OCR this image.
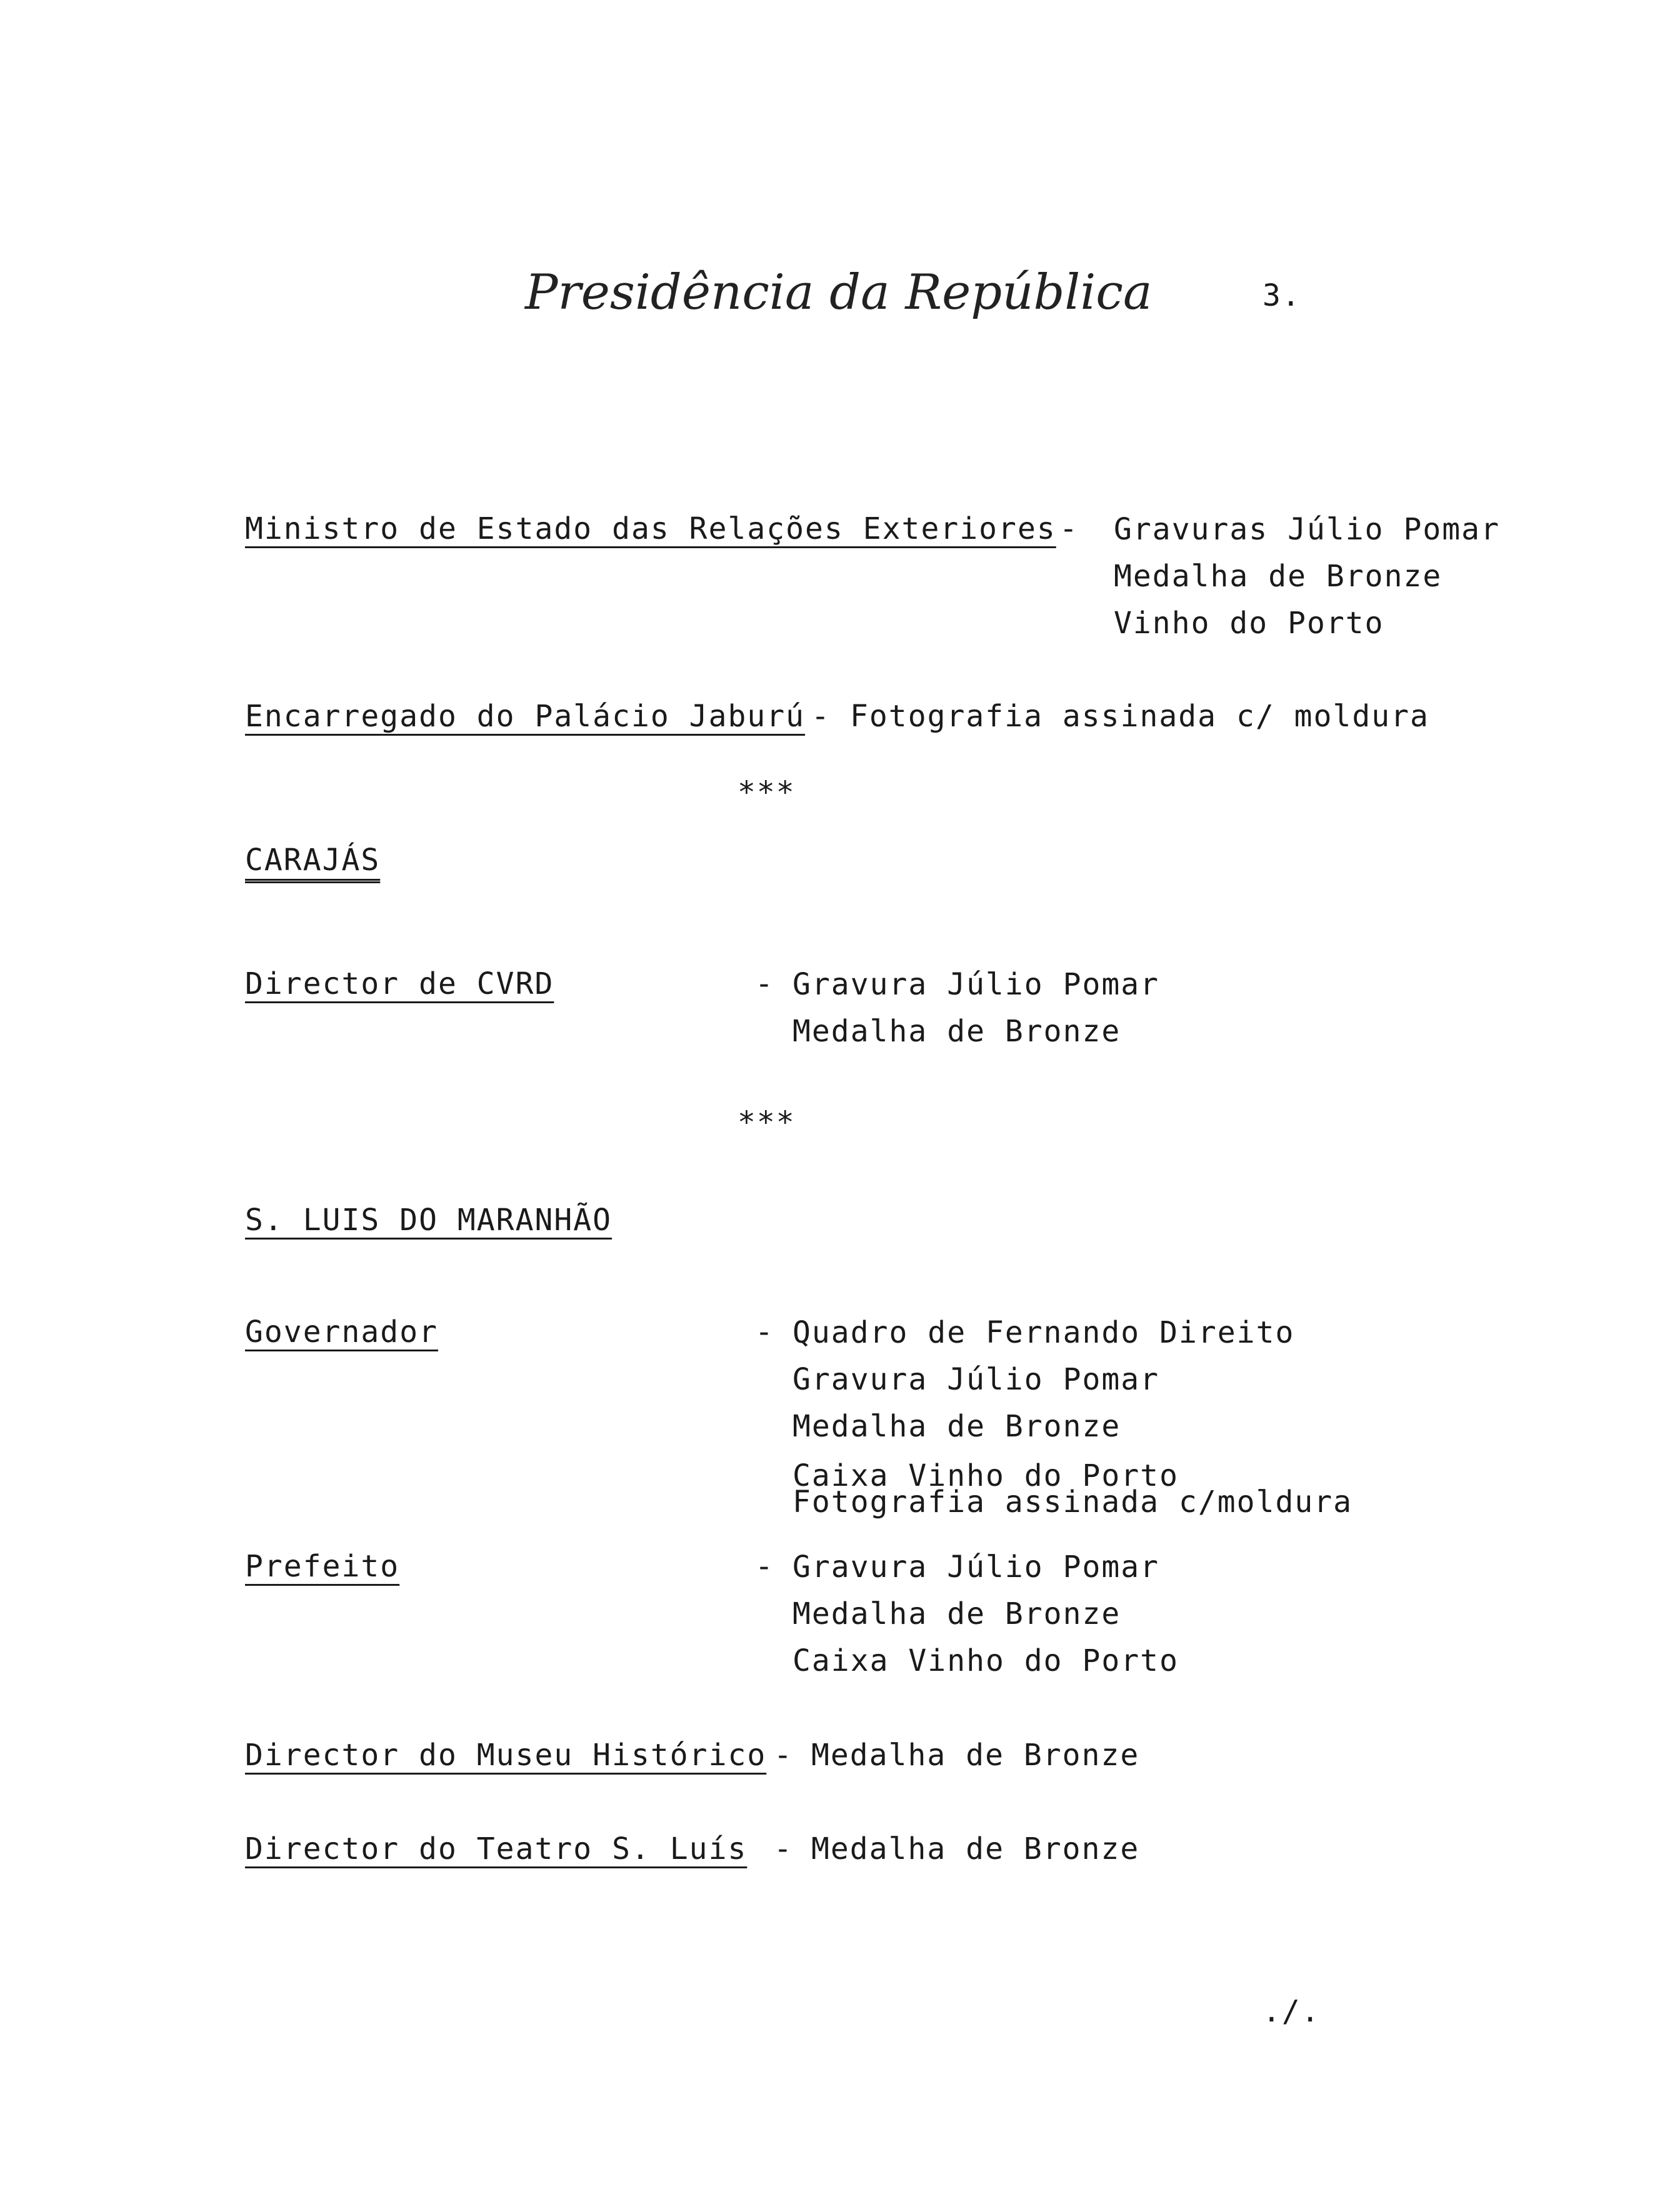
Presidência da República	3.
Ministro de Estado das Relações Exteriores - Gravuras Júlio Pomar
Medalha de Bronze
Vinho do Porto
Encarregado do Palácio Jaburú - Fotografia assinada c/ moldura
***
CARAJÁS
Director de CVRD	- Gravura Júlio Pomar
Medalha de Bronze
***
S. LUIS DO MARANHÃO
Governador	- Quadro de Fernando Direito
Gravura Júlio Pomar
Medalha de Bronze
Caixa Vinho do Porto
Fotografia assinada c/moldura
Prefeito	- Gravura Júlio Pomar
Medalha de Bronze
Caixa Vinho do Porto
Director do Museu Histórico - Medalha de Bronze
Director do Teatro S. Luís - Medalha de Bronze
./.
